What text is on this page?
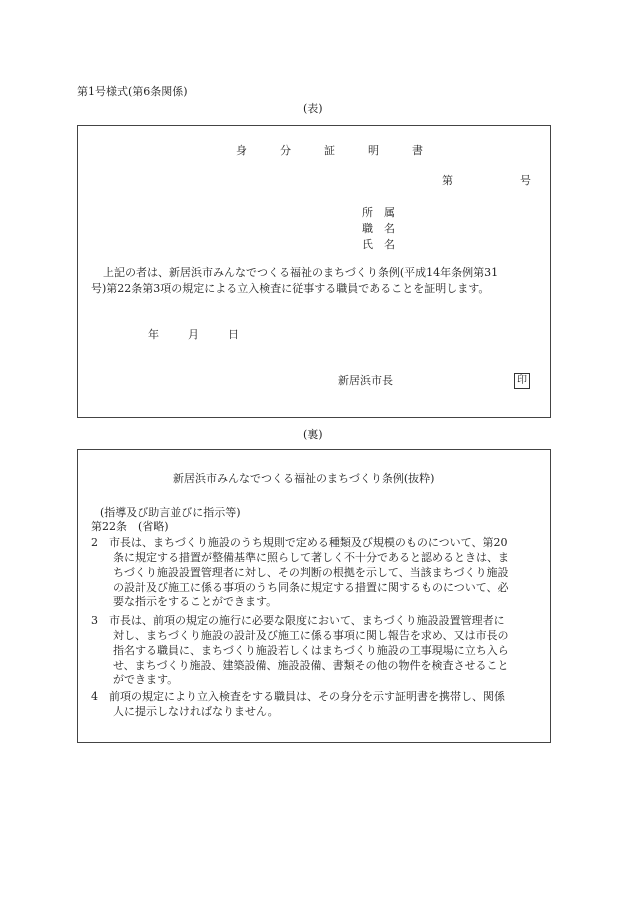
第1号様式(第6条関係)
(表)
身	分	証	明	書
第	号
所　属
職　名
氏　名
上記の者は、新居浜市みんなでつくる福祉のまちづくり条例(平成14年条例第31
号)第22条第3項の規定による立入検査に従事する職員であることを証明します。
年	月	日
新居浜市長	印
(裏)
新居浜市みんなでつくる福祉のまちづくり条例(抜粋)
(指導及び助言並びに指示等)
第22条　(省略)
2　市長は、まちづくり施設のうち規則で定める種類及び規模のものについて、第20
条に規定する措置が整備基準に照らして著しく不十分であると認めるときは、ま
ちづくり施設設置管理者に対し、その判断の根拠を示して、当該まちづくり施設
の設計及び施工に係る事項のうち同条に規定する措置に関するものについて、必
要な指示をすることができます。
3　市長は、前項の規定の施行に必要な限度において、まちづくり施設設置管理者に
対し、まちづくり施設の設計及び施工に係る事項に関し報告を求め、又は市長の
指名する職員に、まちづくり施設若しくはまちづくり施設の工事現場に立ち入ら
せ、まちづくり施設、建築設備、施設設備、書類その他の物件を検査させること
ができます。
4　前項の規定により立入検査をする職員は、その身分を示す証明書を携帯し、関係
人に提示しなければなりません。
